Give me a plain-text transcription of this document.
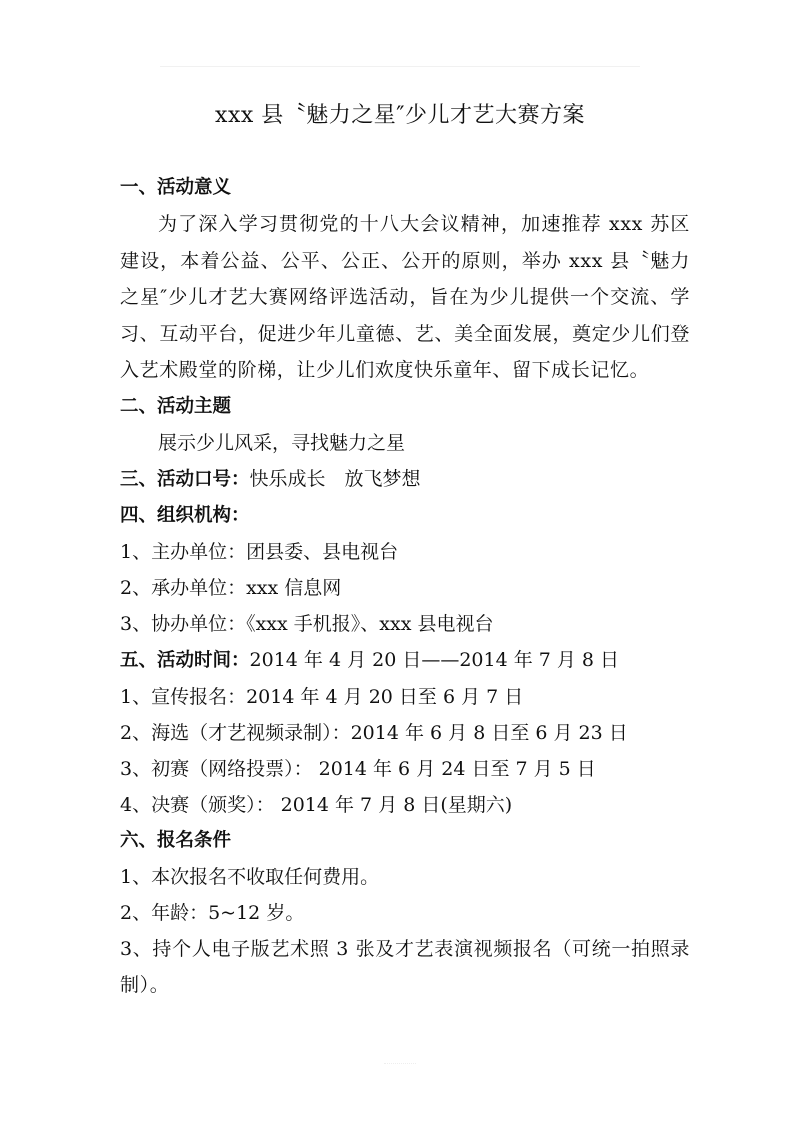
xxx 县〝魅力之星″少儿才艺大赛方案
一、活动意义

为了深入学习贯彻党的十八大会议精神，加速推荐 xxx 苏区建设，本着公益、公平、公正、公开的原则，举办 xxx 县〝魅力之星″少儿才艺大赛网络评选活动，旨在为少儿提供一个交流、学习、互动平台，促进少年儿童德、艺、美全面发展，奠定少儿们登入艺术殿堂的阶梯，让少儿们欢度快乐童年、留下成长记忆。

二、活动主题
展示少儿风采，寻找魅力之星
三、活动口号：快乐成长　放飞梦想
四、组织机构：
1、主办单位：团县委、县电视台
2、承办单位：xxx 信息网
3、协办单位：《xxx 手机报》、xxx 县电视台
五、活动时间：2014 年 4 月 20 日——2014 年 7 月 8 日
1、宣传报名：2014 年 4 月 20 日至 6 月 7 日
2、海选（才艺视频录制）：2014 年 6 月 8 日至 6 月 23 日
3、初赛（网络投票）： 2014 年 6 月 24 日至 7 月 5 日
4、决赛（颁奖）： 2014 年 7 月 8 日(星期六)
六、报名条件
1、本次报名不收取任何费用。
2、年龄：5~12 岁。

3、持个人电子版艺术照 3 张及才艺表演视频报名（可统一拍照录制）。
